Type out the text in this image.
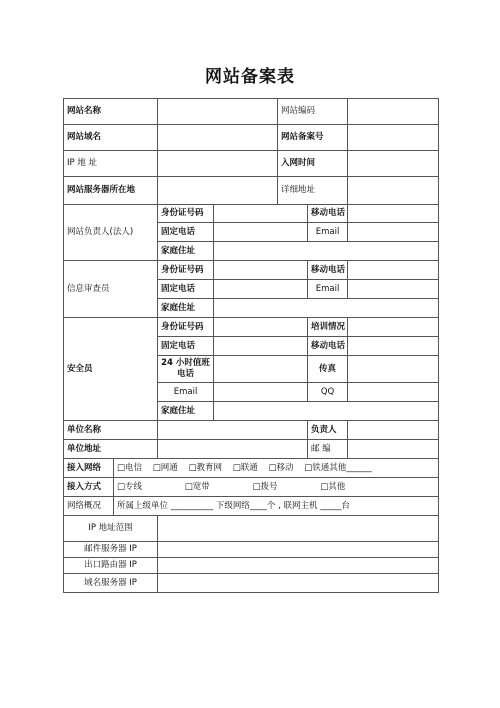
网站备案表
网站名称				网站编码		
网站域名				网站备案号		
IP 地 址				入网时间		
网站服务器所在地				详细地址		
网站负责人(法人)		身份证号码			移动电话	
		固定电话			Email	
		家庭住址				
信息审查员		身份证号码			移动电话	
		固定电话			Email	
		家庭住址				
安全员		身份证号码			培训情况	
		固定电话			移动电话	
		24 小时值班电话			传真	
		Email			QQ	
		家庭住址				
单位名称					负责人	
单位地址					邮 编	
接入网络	□电信 □网通 □教育网 □联通 □移动 □铁通其他______					
接入方式	□专线 □宽带 □拨号 □其他					
网络概况	所属上级单位 __________ 下级网络____个 , 联网主机 _____台					
IP 地址范围						
邮件服务器 IP						
出口路由器 IP						
域名服务器 IP						
